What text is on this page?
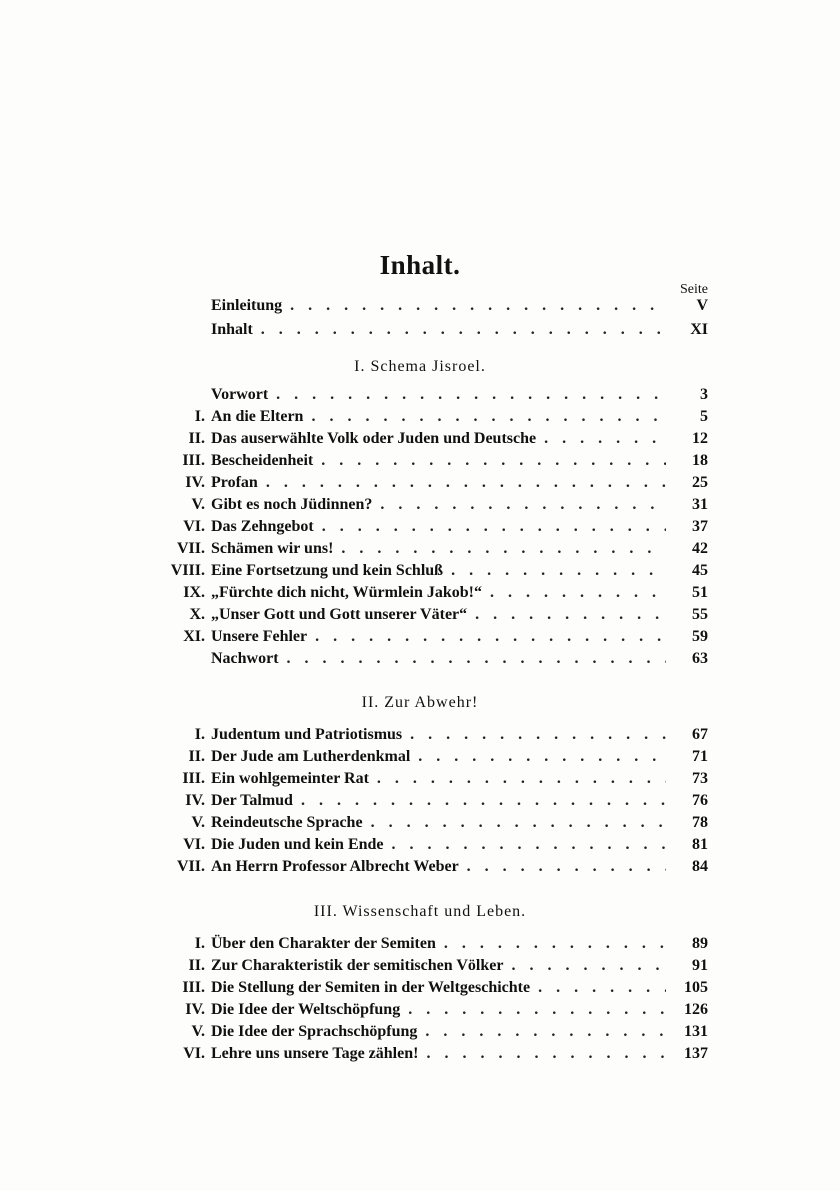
Inhalt.
Seite
Einleitung . . .	V
Inhalt . . .	XI
I. Schema Jisroel.
Vorwort . . .	3
I. An die Eltern . . .	5
II. Das auserwählte Volk oder Juden und Deutsche . . .	12
III. Bescheidenheit . . .	18
IV. Profan . . .	25
V. Gibt es noch Jüdinnen? . . .	31
VI. Das Zehngebot . . .	37
VII. Schämen wir uns! . . .	42
VIII. Eine Fortsetzung und kein Schluß . . .	45
IX. „Fürchte dich nicht, Würmlein Jakob!“ . . .	51
X. „Unser Gott und Gott unserer Väter“ . . .	55
XI. Unsere Fehler . . .	59
Nachwort . . .	63
II. Zur Abwehr!
I. Judentum und Patriotismus . . .	67
II. Der Jude am Lutherdenkmal . . .	71
III. Ein wohlgemeinter Rat . . .	73
IV. Der Talmud . . .	76
V. Reindeutsche Sprache . . .	78
VI. Die Juden und kein Ende . . .	81
VII. An Herrn Professor Albrecht Weber . . .	84
III. Wissenschaft und Leben.
I. Über den Charakter der Semiten . . .	89
II. Zur Charakteristik der semitischen Völker . . .	91
III. Die Stellung der Semiten in der Weltgeschichte . . .	105
IV. Die Idee der Weltschöpfung . . .	126
V. Die Idee der Sprachschöpfung . . .	131
VI. Lehre uns unsere Tage zählen! . . .	137
